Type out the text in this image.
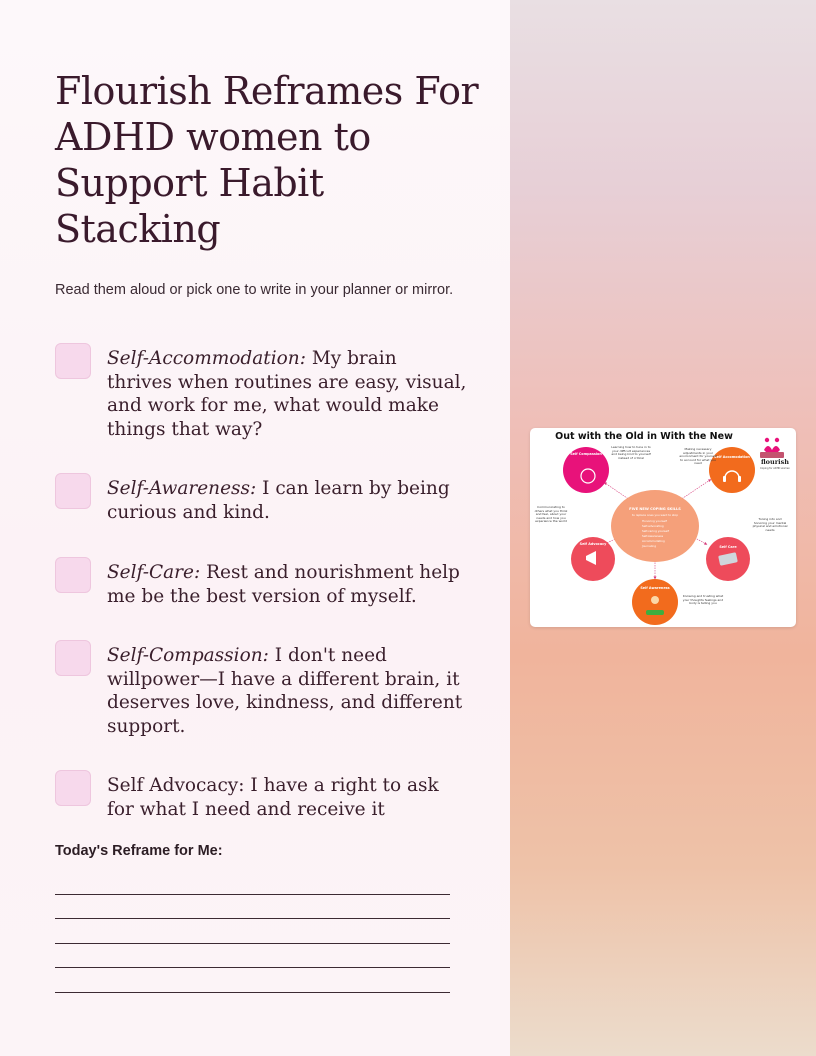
Flourish Reframes For ADHD women to Support Habit Stacking

Read them aloud or pick one to write in your planner or mirror.

Self-Accommodation: My brain thrives when routines are easy, visual, and work for me, what would make things that way?
Self-Awareness: I can learn by being curious and kind.
Self-Care: Rest and nourishment help me be the best version of myself.
Self-Compassion: I don't need willpower—I have a different brain, it deserves love, kindness, and different support.
Self Advocacy: I have a right to ask for what I need and receive it
Today's Reframe for Me:
Out with the Old in With the New
flourish
Coping for ADHD women
FIVE NEW COPING SKILLS
to replace ones you want to stop
Honoring yourself
Self-advocating
Self-caring yourself
Self-Awareness
Accommodating
Journaling
Self Compassion
Self Accomodation
Self Advocacy
Self Care
Self Awareness
Learning how to tune in to your difficult experiences and being kind to yourself instead of critical
Making necessary adjustments in your environment for yourself to account for what you need
Communicating to others what you think and feel, about your needs and how you experience the world
Tuning into and honoring your mental physical and emotional needs
Knowing and trusting what your thoughts feelings and body is telling you
